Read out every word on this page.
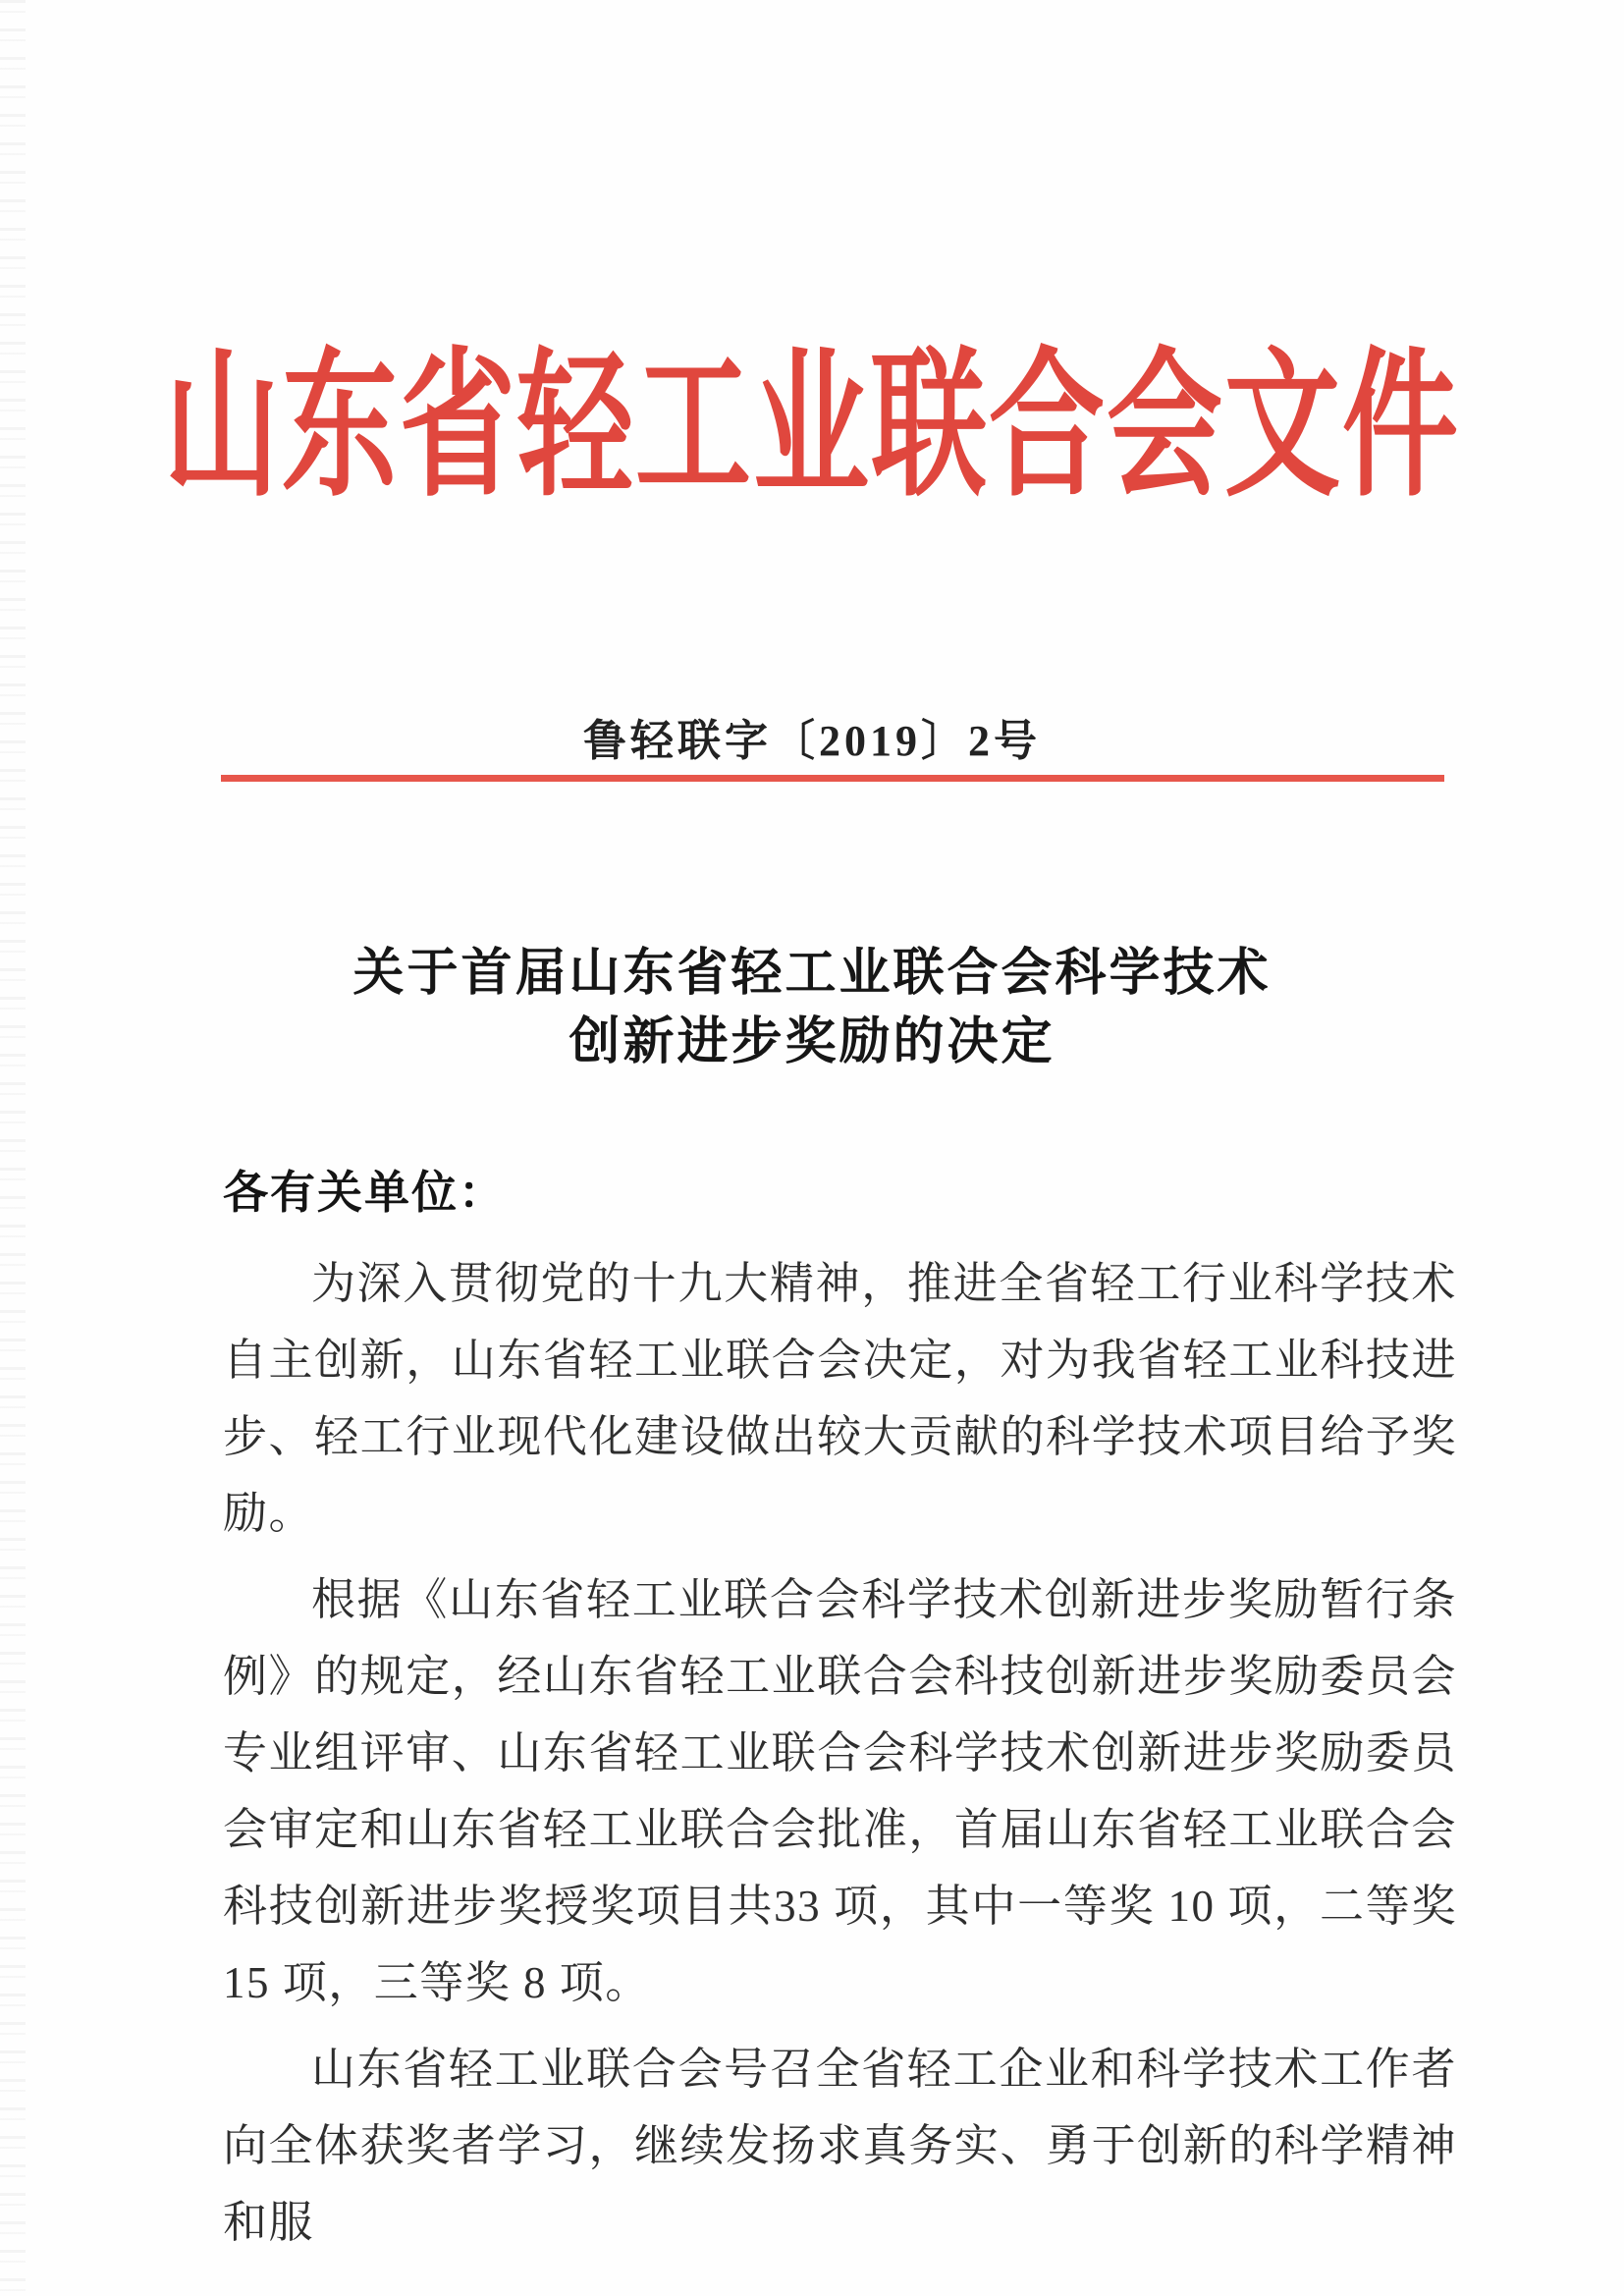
山东省轻工业联合会文件
鲁轻联字〔2019〕2号
关于首届山东省轻工业联合会科学技术
创新进步奖励的决定
各有关单位：

为深入贯彻党的十九大精神，推进全省轻工行业科学技术自主创新，山东省轻工业联合会决定，对为我省轻工业科技进步、轻工行业现代化建设做出较大贡献的科学技术项目给予奖励。

根据《山东省轻工业联合会科学技术创新进步奖励暂行条例》的规定，经山东省轻工业联合会科技创新进步奖励委员会专业组评审、山东省轻工业联合会科学技术创新进步奖励委员会审定和山东省轻工业联合会批准，首届山东省轻工业联合会科技创新进步奖授奖项目共33 项，其中一等奖 10 项，二等奖 15 项，三等奖 8 项。

山东省轻工业联合会号召全省轻工企业和科学技术工作者向全体获奖者学习，继续发扬求真务实、勇于创新的科学精神和服
